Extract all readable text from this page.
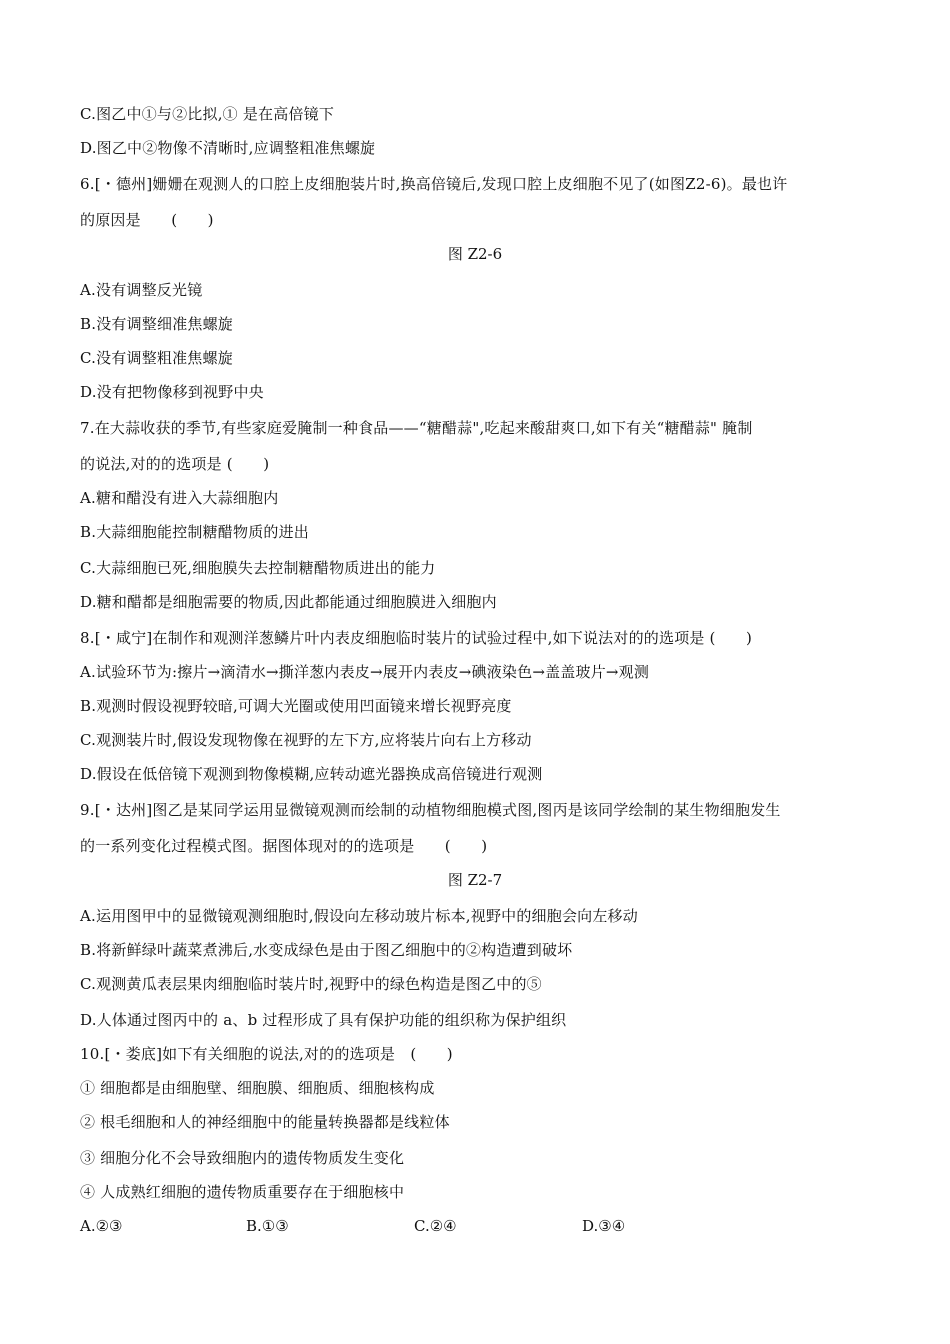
C.图乙中①与②比拟,① 是在高倍镜下
D.图乙中②物像不清晰时,应调整粗准焦螺旋
6.[・德州]姗姗在观测人的口腔上皮细胞装片时,换高倍镜后,发现口腔上皮细胞不见了(如图Z2-6)。最也许
的原因是　　(　　)
图 Z2-6
A.没有调整反光镜
B.没有调整细准焦螺旋
C.没有调整粗准焦螺旋
D.没有把物像移到视野中央
7.在大蒜收获的季节,有些家庭爱腌制一种食品——“糖醋蒜",吃起来酸甜爽口,如下有关“糖醋蒜" 腌制
的说法,对的的选项是 (　　)
A.糖和醋没有进入大蒜细胞内
B.大蒜细胞能控制糖醋物质的进出
C.大蒜细胞已死,细胞膜失去控制糖醋物质进出的能力
D.糖和醋都是细胞需要的物质,因此都能通过细胞膜进入细胞内
8.[・咸宁]在制作和观测洋葱鳞片叶内表皮细胞临时装片的试验过程中,如下说法对的的选项是 (　　)
A.试验环节为:擦片→滴清水→撕洋葱内表皮→展开内表皮→碘液染色→盖盖玻片→观测
B.观测时假设视野较暗,可调大光圈或使用凹面镜来增长视野亮度
C.观测装片时,假设发现物像在视野的左下方,应将装片向右上方移动
D.假设在低倍镜下观测到物像模糊,应转动遮光器换成高倍镜进行观测
9.[・达州]图乙是某同学运用显微镜观测而绘制的动植物细胞模式图,图丙是该同学绘制的某生物细胞发生
的一系列变化过程模式图。据图体现对的的选项是　　(　　)
图 Z2-7
A.运用图甲中的显微镜观测细胞时,假设向左移动玻片标本,视野中的细胞会向左移动
B.将新鲜绿叶蔬菜煮沸后,水变成绿色是由于图乙细胞中的②构造遭到破坏
C.观测黄瓜表层果肉细胞临时装片时,视野中的绿色构造是图乙中的⑤
D.人体通过图丙中的 a、b 过程形成了具有保护功能的组织称为保护组织
10.[・娄底]如下有关细胞的说法,对的的选项是　(　　)
① 细胞都是由细胞壁、细胞膜、细胞质、细胞核构成
② 根毛细胞和人的神经细胞中的能量转换器都是线粒体
③ 细胞分化不会导致细胞内的遗传物质发生变化
④ 人成熟红细胞的遗传物质重要存在于细胞核中
A.②③	B.①③	C.②④	D.③④
